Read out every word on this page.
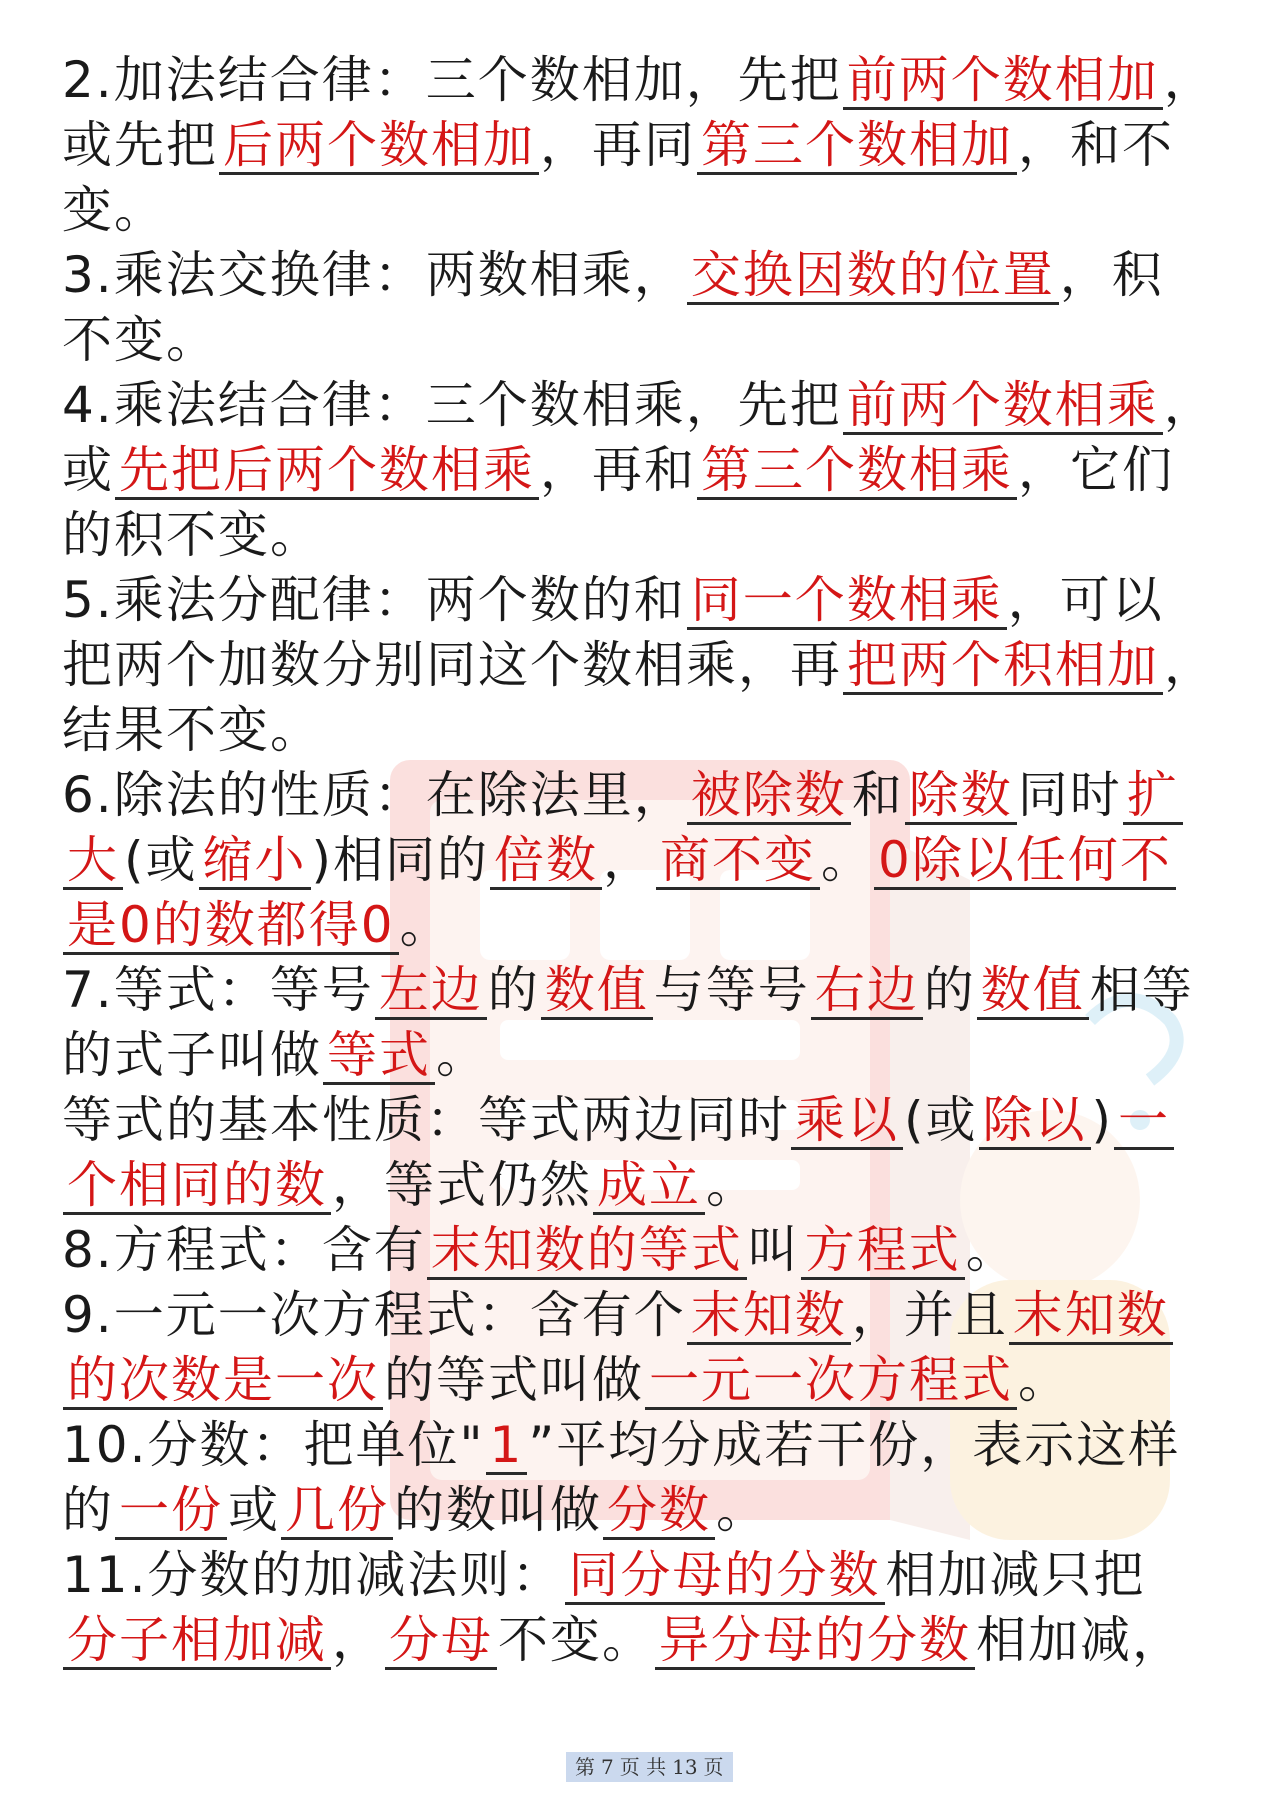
2.加法结合律：三个数相加，先把 前两个数相加 ，
或先把 后两个数相加 ，再同 第三个数相加 ，和不
变。
3.乘法交换律：两数相乘， 交换因数的位置 ，积
不变。
4.乘法结合律：三个数相乘，先把 前两个数相乘 ，
或 先把后两个数相乘 ，再和 第三个数相乘 ，它们
的积不变。
5.乘法分配律：两个数的和 同一个数相乘 ，可以
把两个加数分别同这个数相乘，再 把两个积相加 ，
结果不变。
6.除法的性质：在除法里， 被除数 和 除数 同时 扩
大 (或 缩小 )相同的 倍数 ， 商不变 。 0除以任何不
是0的数都得0 。
7.等式：等号 左边 的 数值 与等号 右边 的 数值 相等
的式子叫做 等式 。
等式的基本性质：等式两边同时 乘以 (或 除以 ) 一
个相同的数 ，等式仍然 成立 。
8.方程式：含有 末知数的等式 叫 方程式 。
9.一元一次方程式：含有个 末知数 ，并且 末知数
的次数是一次 的等式叫做 一元一次方程式 。
10.分数：把单位" 1 ”平均分成若干份，表示这样
的 一份 或 几份 的数叫做 分数 。
11.分数的加减法则： 同分母的分数 相加减只把
分子相加减 ， 分母 不变。 异分母的分数 相加减，
第 7 页 共 13 页
